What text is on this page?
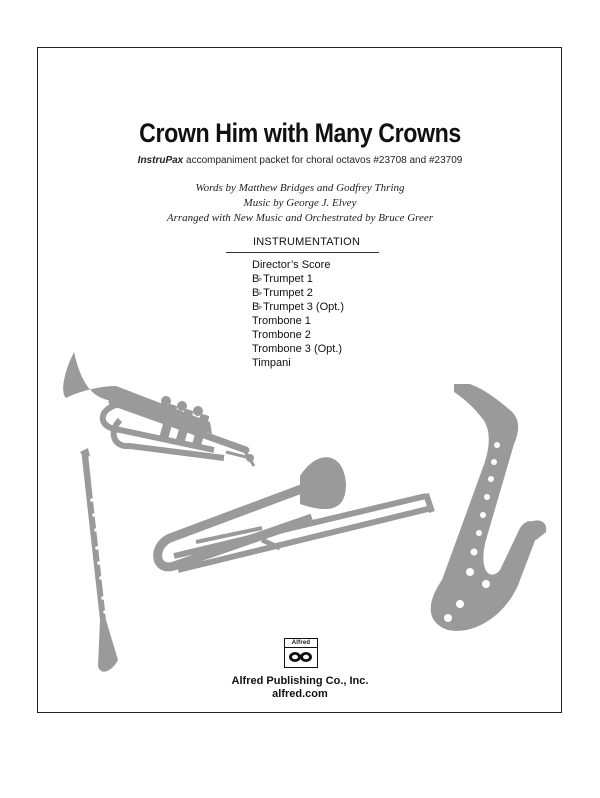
Crown Him with Many Crowns
InstruPax accompaniment packet for choral octavos #23708 and #23709
Words by Matthew Bridges and Godfrey Thring
Music by George J. Elvey
Arranged with New Music and Orchestrated by Bruce Greer
INSTRUMENTATION
Director’s Score
B♭Trumpet 1
B♭Trumpet 2
B♭Trumpet 3 (Opt.)
Trombone 1
Trombone 2
Trombone 3 (Opt.)
Timpani
Alfred
Alfred Publishing Co., Inc.
alfred.com
